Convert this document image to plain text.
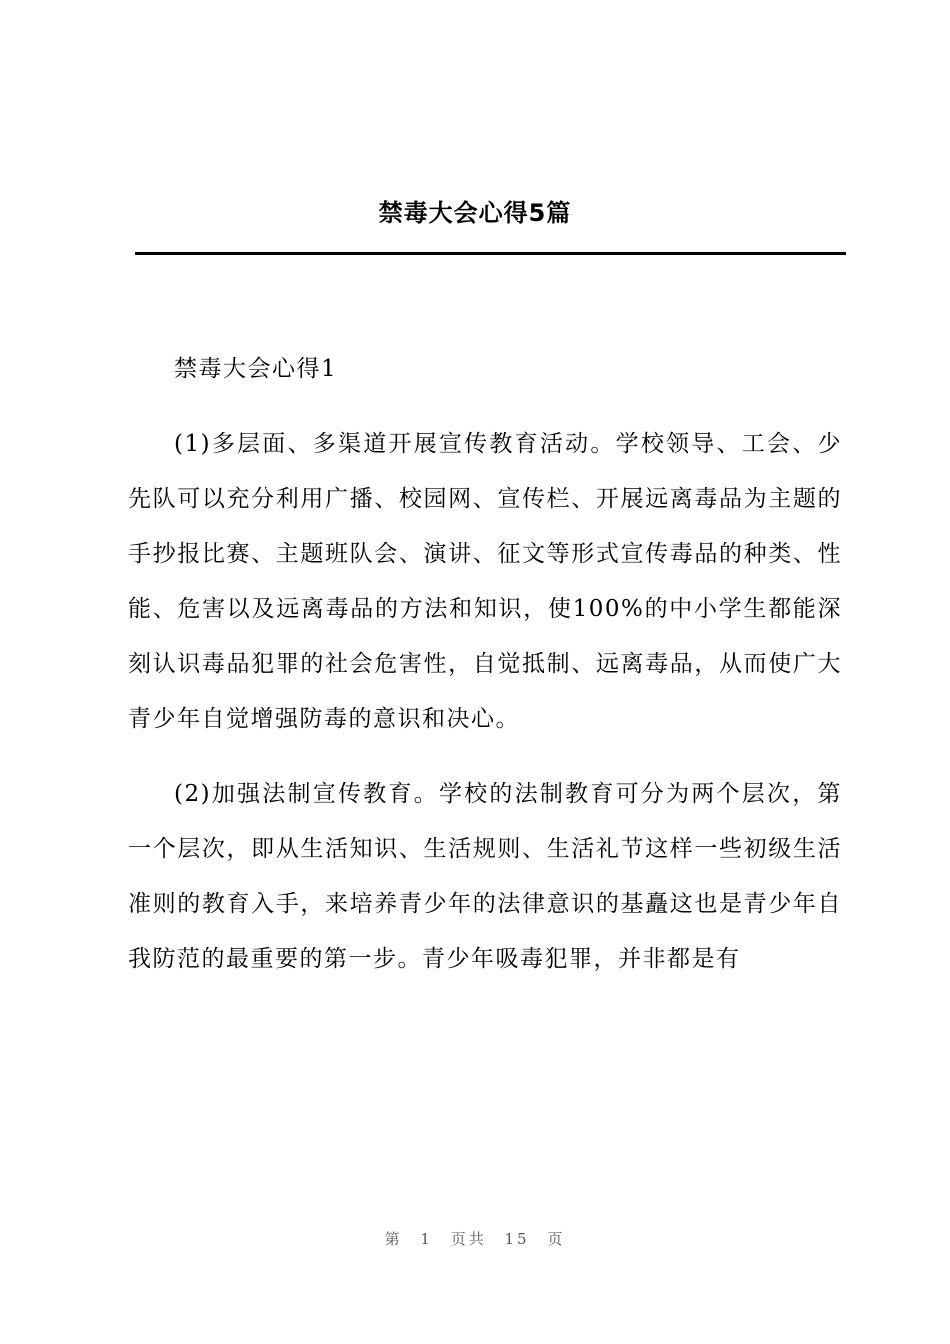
禁毒大会心得5篇

禁毒大会心得1

(1)多层面、多渠道开展宣传教育活动。学校领导、工会、少先队可以充分利用广播、校园网、宣传栏、开展远离毒品为主题的手抄报比赛、主题班队会、演讲、征文等形式宣传毒品的种类、性能、危害以及远离毒品的方法和知识，使100%的中小学生都能深刻认识毒品犯罪的社会危害性，自觉抵制、远离毒品，从而使广大青少年自觉增强防毒的意识和决心。

(2)加强法制宣传教育。学校的法制教育可分为两个层次，第一个层次，即从生活知识、生活规则、生活礼节这样一些初级生活准则的教育入手，来培养青少年的法律意识的基矗这也是青少年自我防范的最重要的第一步。青少年吸毒犯罪，并非都是有

第 1 页共 15 页
